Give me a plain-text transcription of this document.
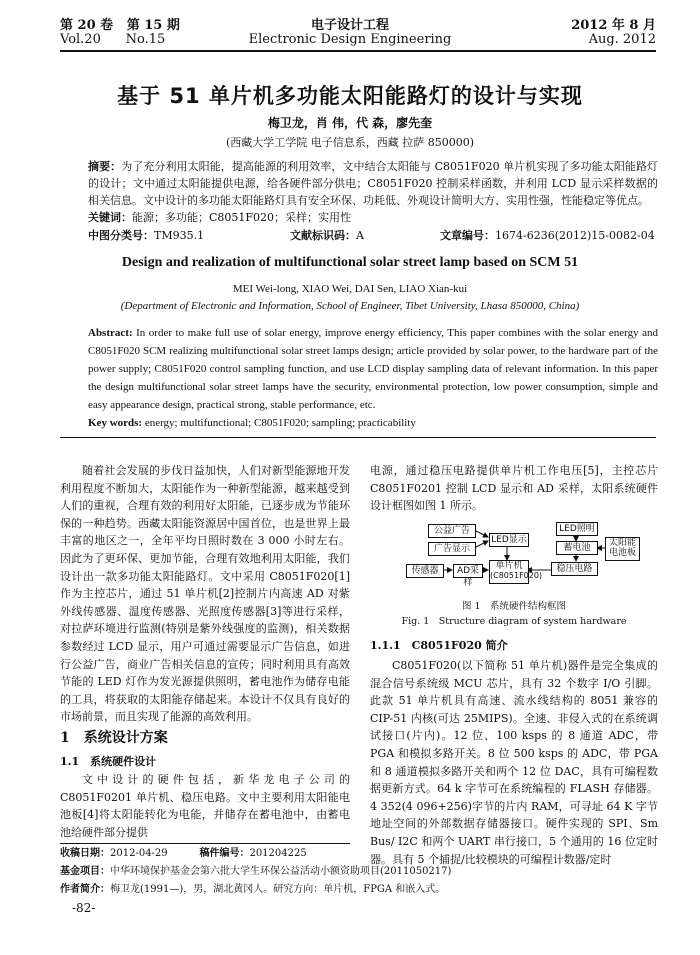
第 20 卷 第 15 期
Vol.20 No.15
电子设计工程
Electronic Design Engineering
2012 年 8 月
Aug. 2012
基于 51 单片机多功能太阳能路灯的设计与实现
梅卫龙，肖 伟，代 森，廖先奎
(西藏大学工学院 电子信息系，西藏 拉萨 850000)
摘要：为了充分利用太阳能，提高能源的利用效率，文中结合太阳能与 C8051F020 单片机实现了多功能太阳能路灯的设计；文中通过太阳能提供电源，给各硬件部分供电；C8051F020 控制采样函数，并利用 LCD 显示采样数据的相关信息。文中设计的多功能太阳能路灯具有安全环保、功耗低、外观设计简明大方、实用性强，性能稳定等优点。
关键词：能源；多功能；C8051F020；采样；实用性
中图分类号：TM935.1	文献标识码：A	文章编号：1674-6236(2012)15-0082-04
Design and realization of multifunctional solar street lamp based on SCM 51
MEI Wei-long, XIAO Wei, DAI Sen, LIAO Xian-kui
(Department of Electronic and Information, School of Engineer, Tibet University, Lhasa 850000, China)
Abstract: In order to make full use of solar energy, improve energy efficiency, This paper combines with the solar energy and C8051F020 SCM realizing multifunctional solar street lamps design; article provided by solar power, to the hardware part of the power supply; C8051F020 control sampling function, and use LCD display sampling data of relevant information. In this paper the design multifunctional solar street lamps have the security, environmental protection, low power consumption, simple and easy appearance design, practical strong, stable performance, etc.
Key words: energy; multifunctional; C8051F020; sampling; practicability

随着社会发展的步伐日益加快，人们对新型能源地开发利用程度不断加大，太阳能作为一种新型能源，越来越受到人们的重视，合理有效的利用好太阳能，已逐步成为节能环保的一种趋势。西藏太阳能资源居中国首位，也是世界上最丰富的地区之一，全年平均日照时数在 3 000 小时左右。因此为了更环保、更加节能，合理有效地利用太阳能，我们设计出一款多功能太阳能路灯。文中采用 C8051F020[1]作为主控芯片，通过 51 单片机[2]控制片内高速 AD 对紫外线传感器、温度传感器、光照度传感器[3]等进行采样，对拉萨环境进行监测(特别是紫外线强度的监测)，相关数据参数经过 LCD 显示，用户可通过需要显示广告信息，如进行公益广告，商业广告相关信息的宣传；同时利用具有高效节能的 LED 灯作为发光源提供照明，蓄电池作为储存电能的工具，将获取的太阳能存储起来。本设计不仅具有良好的市场前景，而且实现了能源的高效利用。

1　系统设计方案
1.1　系统硬件设计

文中设计的硬件包括，新华龙电子公司的 C8051F0201 单片机、稳压电路。文中主要利用太阳能电池板[4]将太阳能转化为电能，并储存在蓄电池中，由蓄电池给硬件部分提供

电源，通过稳压电路提供单片机工作电压[5]，主控芯片 C8051F0201 控制 LCD 显示和 AD 采样，太阳系统硬件设计框图如图 1 所示。

公益广告
广告显示
LED显示
传感器	AD采样
单片机
(C8051F020)
LED照明
蓄电池	太阳能
电池板
稳压电路
图 1　系统硬件结构框图
Fig. 1　Structure diagram of system hardware
1.1.1　C8051F020 简介

C8051F020(以下简称 51 单片机)器件是完全集成的混合信号系统级 MCU 芯片，具有 32 个数字 I/O 引脚。此款 51 单片机具有高速、流水线结构的 8051 兼容的 CIP-51 内核(可达 25MIPS)。全速、非侵入式的在系统调试接口(片内)。12 位、100 ksps 的 8 通道 ADC，带 PGA 和模拟多路开关。8 位 500 ksps 的 ADC，带 PGA 和 8 通道模拟多路开关和两个 12 位 DAC，具有可编程数据更新方式。64 k 字节可在系统编程的 FLASH 存储器。4 352(4 096+256)字节的片内 RAM，可寻址 64 K 字节地址空间的外部数据存储器接口。硬件实现的 SPI、Sm Bus/ I2C 和两个 UART 串行接口，5 个通用的 16 位定时器。具有 5 个捕捉/比较模块的可编程计数器/定时

收稿日期：2012-04-29	稿件编号：201204225
基金项目：中华环境保护基金会第六批大学生环保公益活动小额资助项目(2011050217)
作者简介：梅卫龙(1991—)，男，湖北黄冈人。研究方向：单片机，FPGA 和嵌入式。
-82-
